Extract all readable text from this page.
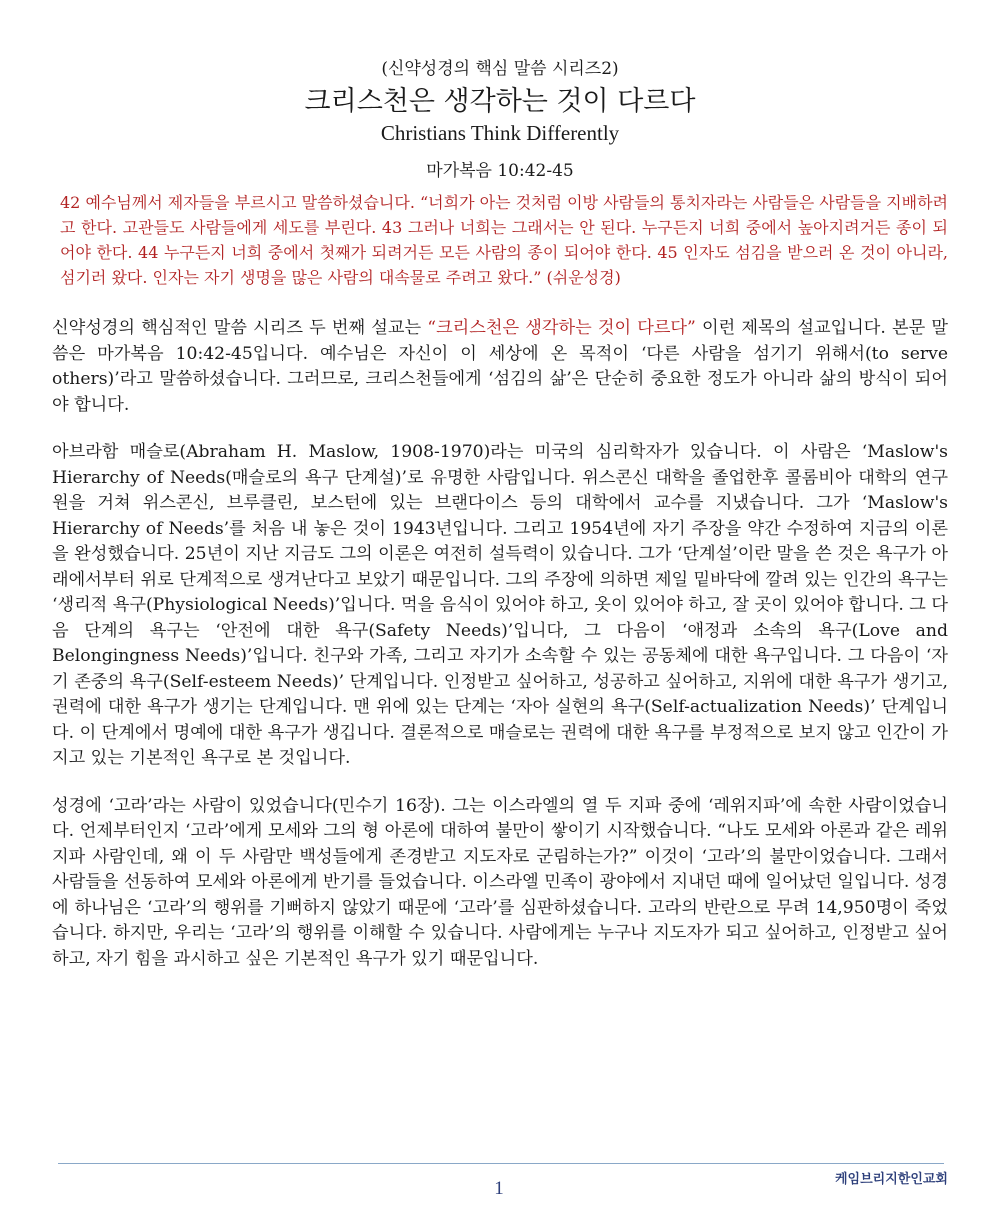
(신약성경의 핵심 말씀 시리즈2)

크리스천은 생각하는 것이 다르다

Christians Think Differently

마가복음 10:42-45

42 예수님께서 제자들을 부르시고 말씀하셨습니다. “너희가 아는 것처럼 이방 사람들의 통치자라는 사람들은 사람들을 지배하려고 한다. 고관들도 사람들에게 세도를 부린다. 43 그러나 너희는 그래서는 안 된다. 누구든지 너희 중에서 높아지려거든 종이 되어야 한다. 44 누구든지 너희 중에서 첫째가 되려거든 모든 사람의 종이 되어야 한다. 45 인자도 섬김을 받으러 온 것이 아니라, 섬기러 왔다. 인자는 자기 생명을 많은 사람의 대속물로 주려고 왔다.” (쉬운성경)

신약성경의 핵심적인 말씀 시리즈 두 번째 설교는 “크리스천은 생각하는 것이 다르다” 이런 제목의 설교입니다. 본문 말씀은 마가복음 10:42-45입니다. 예수님은 자신이 이 세상에 온 목적이 ‘다른 사람을 섬기기 위해서(to serve others)’라고 말씀하셨습니다. 그러므로, 크리스천들에게 ‘섬김의 삶’은 단순히 중요한 정도가 아니라 삶의 방식이 되어야 합니다.

아브라함 매슬로(Abraham H. Maslow, 1908-1970)라는 미국의 심리학자가 있습니다. 이 사람은 ‘Maslow's Hierarchy of Needs(매슬로의 욕구 단계설)’로 유명한 사람입니다. 위스콘신 대학을 졸업한후 콜롬비아 대학의 연구원을 거쳐 위스콘신, 브루클린, 보스턴에 있는 브랜다이스 등의 대학에서 교수를 지냈습니다. 그가 ‘Maslow's Hierarchy of Needs’를 처음 내 놓은 것이 1943년입니다. 그리고 1954년에 자기 주장을 약간 수정하여 지금의 이론을 완성했습니다. 25년이 지난 지금도 그의 이론은 여전히 설득력이 있습니다. 그가 ‘단계설’이란 말을 쓴 것은 욕구가 아래에서부터 위로 단계적으로 생겨난다고 보았기 때문입니다. 그의 주장에 의하면 제일 밑바닥에 깔려 있는 인간의 욕구는 ‘생리적 욕구(Physiological Needs)’입니다. 먹을 음식이 있어야 하고, 옷이 있어야 하고, 잘 곳이 있어야 합니다. 그 다음 단계의 욕구는 ‘안전에 대한 욕구(Safety Needs)’입니다, 그 다음이 ‘애정과 소속의 욕구(Love and Belongingness Needs)’입니다. 친구와 가족, 그리고 자기가 소속할 수 있는 공동체에 대한 욕구입니다. 그 다음이 ‘자기 존중의 욕구(Self-esteem Needs)’ 단계입니다. 인정받고 싶어하고, 성공하고 싶어하고, 지위에 대한 욕구가 생기고, 권력에 대한 욕구가 생기는 단계입니다. 맨 위에 있는 단계는 ‘자아 실현의 욕구(Self-actualization Needs)’ 단계입니다. 이 단계에서 명예에 대한 욕구가 생깁니다. 결론적으로 매슬로는 권력에 대한 욕구를 부정적으로 보지 않고 인간이 가지고 있는 기본적인 욕구로 본 것입니다.

성경에 ‘고라’라는 사람이 있었습니다(민수기 16장). 그는 이스라엘의 열 두 지파 중에 ‘레위지파’에 속한 사람이었습니다. 언제부터인지 ‘고라’에게 모세와 그의 형 아론에 대하여 불만이 쌓이기 시작했습니다. “나도 모세와 아론과 같은 레위지파 사람인데, 왜 이 두 사람만 백성들에게 존경받고 지도자로 군림하는가?” 이것이 ‘고라’의 불만이었습니다. 그래서 사람들을 선동하여 모세와 아론에게 반기를 들었습니다. 이스라엘 민족이 광야에서 지내던 때에 일어났던 일입니다. 성경에 하나님은 ‘고라’의 행위를 기뻐하지 않았기 때문에 ‘고라’를 심판하셨습니다. 고라의 반란으로 무려 14,950명이 죽었습니다. 하지만, 우리는 ‘고라’의 행위를 이해할 수 있습니다. 사람에게는 누구나 지도자가 되고 싶어하고, 인정받고 싶어하고, 자기 힘을 과시하고 싶은 기본적인 욕구가 있기 때문입니다.

1	케임브리지한인교회
